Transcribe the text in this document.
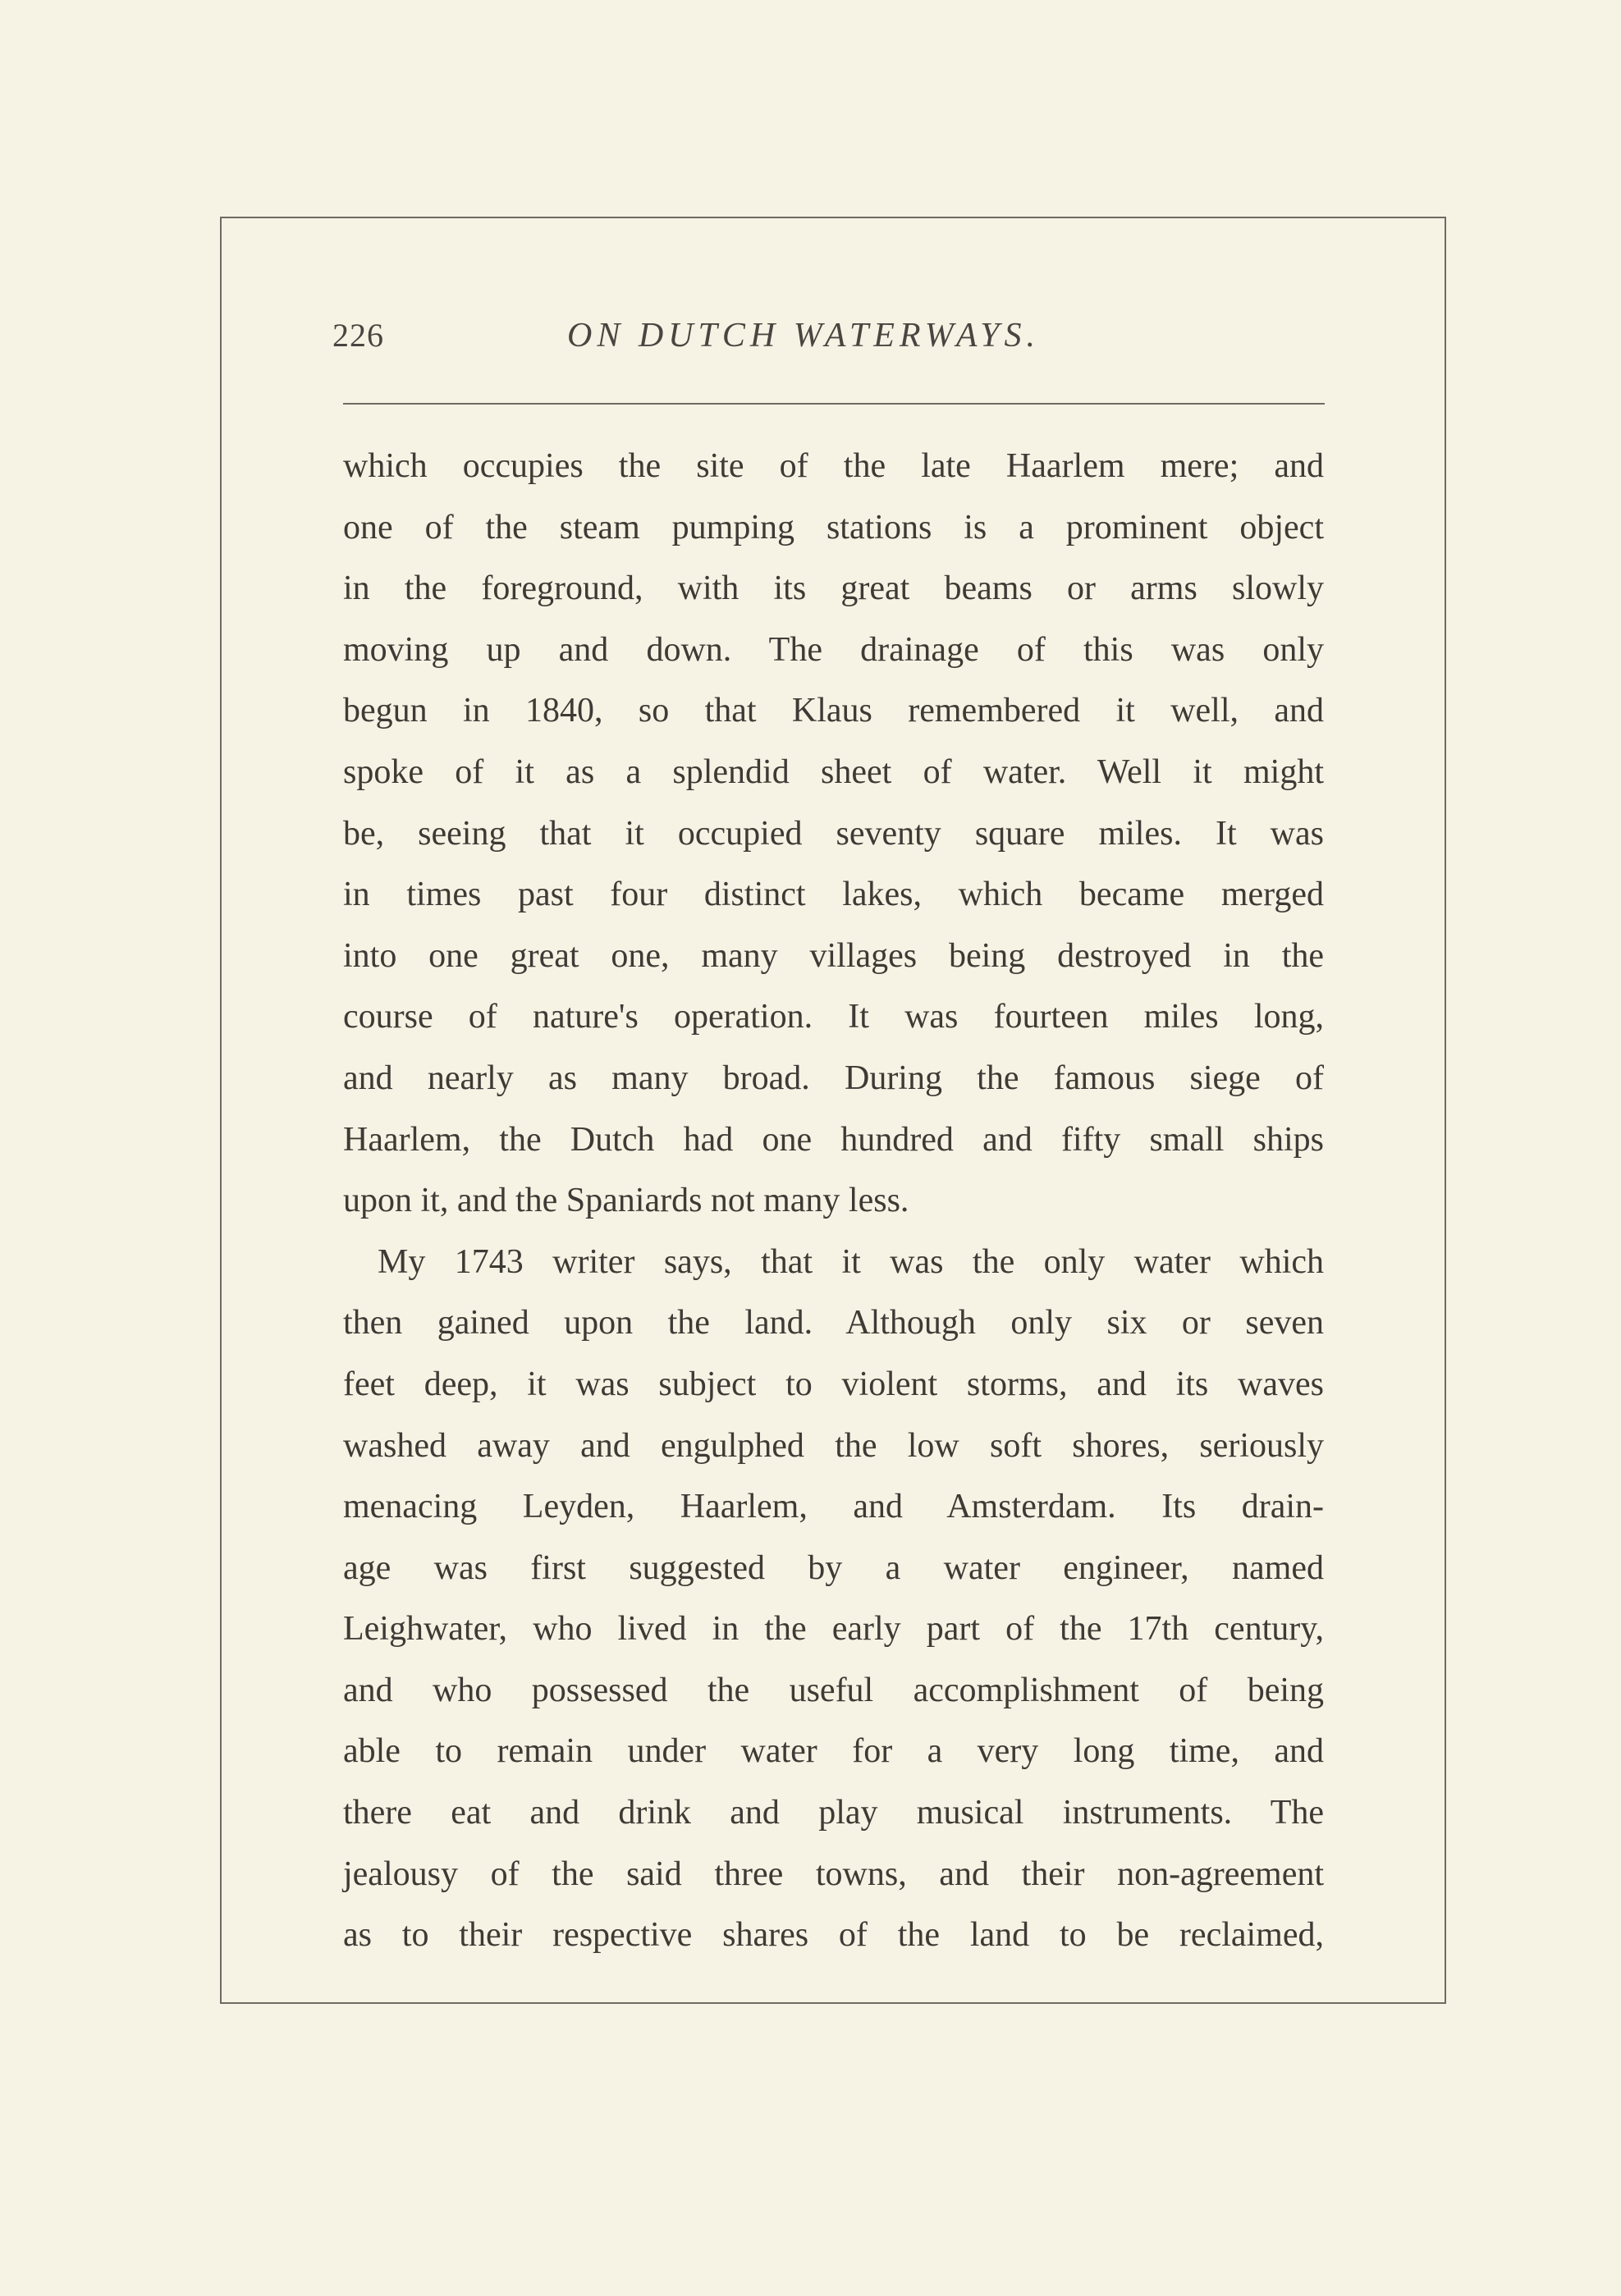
226	ON DUTCH WATERWAYS.
which occupies the site of the late Haarlem mere; and
one of the steam pumping stations is a prominent object
in the foreground, with its great beams or arms slowly
moving up and down. The drainage of this was only
begun in 1840, so that Klaus remembered it well, and
spoke of it as a splendid sheet of water. Well it might
be, seeing that it occupied seventy square miles. It was
in times past four distinct lakes, which became merged
into one great one, many villages being destroyed in the
course of nature's operation. It was fourteen miles long,
and nearly as many broad. During the famous siege of
Haarlem, the Dutch had one hundred and fifty small ships
upon it, and the Spaniards not many less.
My 1743 writer says, that it was the only water which
then gained upon the land. Although only six or seven
feet deep, it was subject to violent storms, and its waves
washed away and engulphed the low soft shores, seriously
menacing Leyden, Haarlem, and Amsterdam. Its drain-
age was first suggested by a water engineer, named
Leighwater, who lived in the early part of the 17th century,
and who possessed the useful accomplishment of being
able to remain under water for a very long time, and
there eat and drink and play musical instruments. The
jealousy of the said three towns, and their non-agreement
as to their respective shares of the land to be reclaimed,
